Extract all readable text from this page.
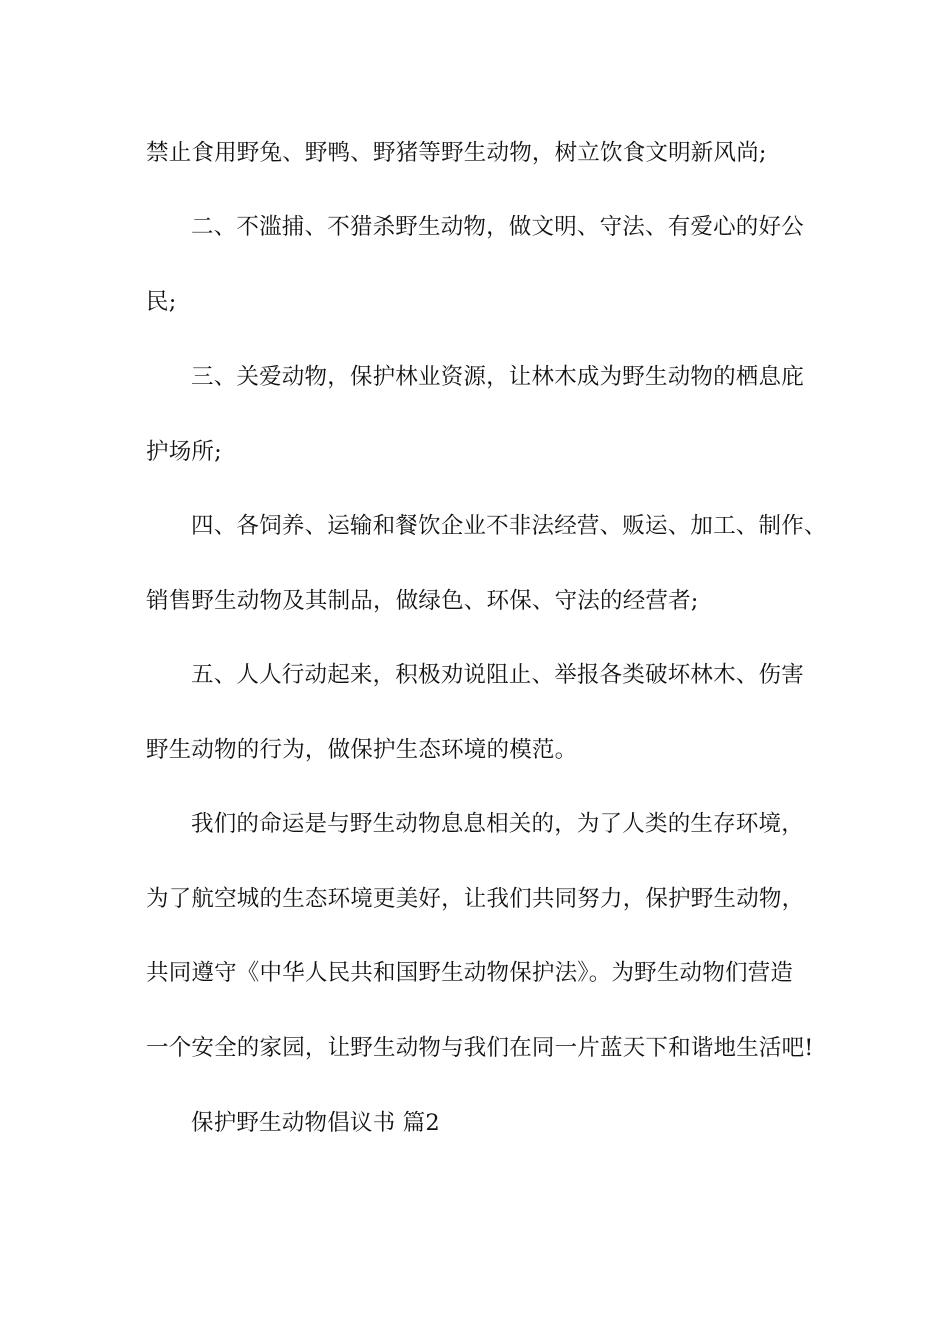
禁止食用野兔、野鸭、野猪等野生动物，树立饮食文明新风尚;
二、不滥捕、不猎杀野生动物，做文明、守法、有爱心的好公
民;
三、关爱动物，保护林业资源，让林木成为野生动物的栖息庇
护场所;
四、各饲养、运输和餐饮企业不非法经营、贩运、加工、制作、
销售野生动物及其制品，做绿色、环保、守法的经营者;
五、人人行动起来，积极劝说阻止、举报各类破坏林木、伤害
野生动物的行为，做保护生态环境的模范。
我们的命运是与野生动物息息相关的，为了人类的生存环境，
为了航空城的生态环境更美好，让我们共同努力，保护野生动物，
共同遵守《中华人民共和国野生动物保护法》。为野生动物们营造
一个安全的家园，让野生动物与我们在同一片蓝天下和谐地生活吧!
保护野生动物倡议书 篇2
